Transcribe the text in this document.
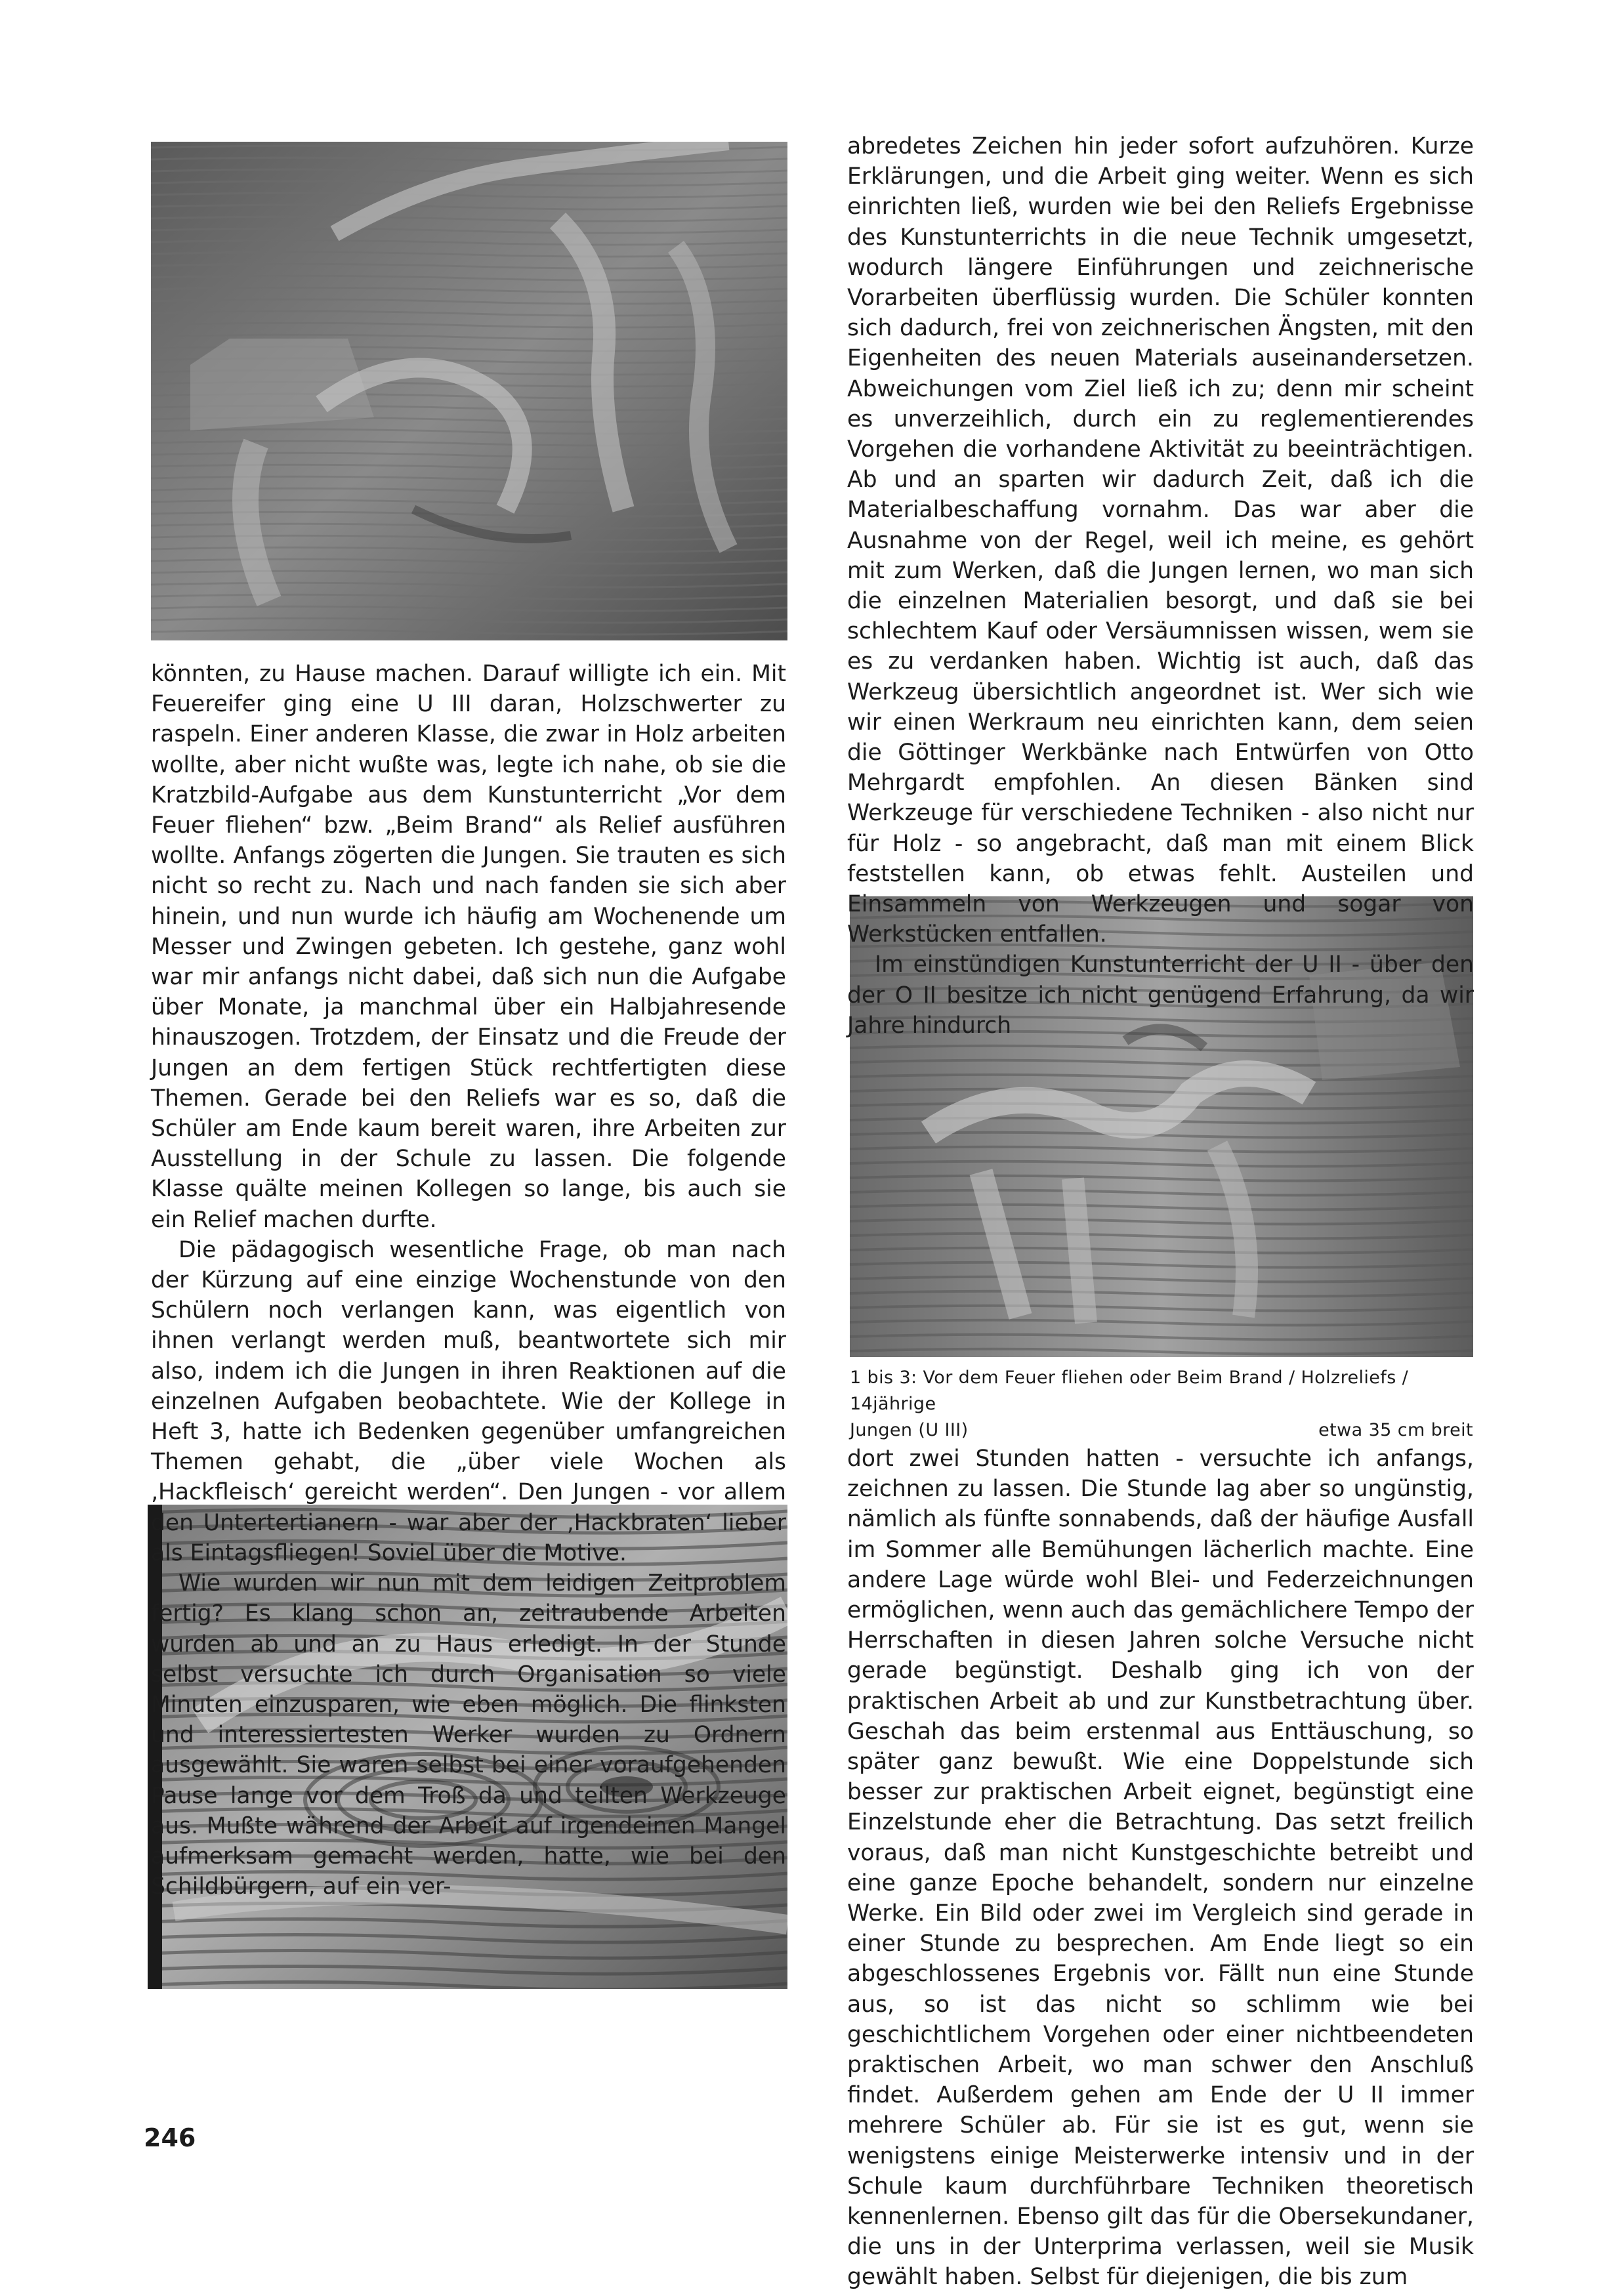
könnten, zu Hause machen. Darauf willigte ich ein. Mit Feuereifer ging eine U III daran, Holzschwerter zu raspeln. Einer anderen Klasse, die zwar in Holz arbeiten wollte, aber nicht wußte was, legte ich nahe, ob sie die Kratzbild-Aufgabe aus dem Kunstunterricht „Vor dem Feuer fliehen“ bzw. „Beim Brand“ als Relief ausführen wollte. Anfangs zögerten die Jungen. Sie trauten es sich nicht so recht zu. Nach und nach fanden sie sich aber hinein, und nun wurde ich häufig am Wochenende um Messer und Zwingen gebeten. Ich gestehe, ganz wohl war mir anfangs nicht dabei, daß sich nun die Aufgabe über Monate, ja manchmal über ein Halbjahresende hinauszogen. Trotzdem, der Einsatz und die Freude der Jungen an dem fertigen Stück rechtfertigten diese Themen. Gerade bei den Reliefs war es so, daß die Schüler am Ende kaum bereit waren, ihre Arbeiten zur Ausstellung in der Schule zu lassen. Die folgende Klasse quälte meinen Kollegen so lange, bis auch sie ein Relief machen durfte.

Die pädagogisch wesentliche Frage, ob man nach der Kürzung auf eine einzige Wochenstunde von den Schülern noch verlangen kann, was eigentlich von ihnen verlangt werden muß, beantwortete sich mir also, indem ich die Jungen in ihren Reaktionen auf die einzelnen Aufgaben beobachtete. Wie der Kollege in Heft 3, hatte ich Bedenken gegenüber umfangreichen Themen gehabt, die „über viele Wochen als ‚Hackfleisch‘ gereicht werden“. Den Jungen - vor allem den Untertertianern - war aber der ‚Hackbraten‘ lieber als Eintagsfliegen! Soviel über die Motive.

Wie wurden wir nun mit dem leidigen Zeitproblem fertig? Es klang schon an, zeitraubende Arbeiten wurden ab und an zu Haus erledigt. In der Stunde selbst versuchte ich durch Organisation so viele Minuten einzusparen, wie eben möglich. Die flinksten und interessiertesten Werker wurden zu Ordnern ausgewählt. Sie waren selbst bei einer voraufgehenden Pause lange vor dem Troß da und teilten Werkzeuge aus. Mußte während der Arbeit auf irgendeinen Mangel aufmerksam gemacht werden, hatte, wie bei den Schildbürgern, auf ein ver-

abredetes Zeichen hin jeder sofort aufzuhören. Kurze Erklärungen, und die Arbeit ging weiter. Wenn es sich einrichten ließ, wurden wie bei den Reliefs Ergebnisse des Kunstunterrichts in die neue Technik umgesetzt, wodurch längere Einführungen und zeichnerische Vorarbeiten überflüssig wurden. Die Schüler konnten sich dadurch, frei von zeichnerischen Ängsten, mit den Eigenheiten des neuen Materials auseinandersetzen. Abweichungen vom Ziel ließ ich zu; denn mir scheint es unverzeihlich, durch ein zu reglementierendes Vorgehen die vorhandene Aktivität zu beeinträchtigen. Ab und an sparten wir dadurch Zeit, daß ich die Materialbeschaffung vornahm. Das war aber die Ausnahme von der Regel, weil ich meine, es gehört mit zum Werken, daß die Jungen lernen, wo man sich die einzelnen Materialien besorgt, und daß sie bei schlechtem Kauf oder Versäumnissen wissen, wem sie es zu verdanken haben. Wichtig ist auch, daß das Werkzeug übersichtlich angeordnet ist. Wer sich wie wir einen Werkraum neu einrichten kann, dem seien die Göttinger Werkbänke nach Entwürfen von Otto Mehrgardt empfohlen. An diesen Bänken sind Werkzeuge für verschiedene Techniken - also nicht nur für Holz - so angebracht, daß man mit einem Blick feststellen kann, ob etwas fehlt. Austeilen und Einsammeln von Werkzeugen und sogar von Werkstücken entfallen.

Im einstündigen Kunstunterricht der U II - über den der O II besitze ich nicht genügend Erfahrung, da wir Jahre hindurch

1 bis 3: Vor dem Feuer fliehen oder Beim Brand / Holzreliefs / 14jährige
Jungen (U III)	etwa 35 cm breit

dort zwei Stunden hatten - versuchte ich anfangs, zeichnen zu lassen. Die Stunde lag aber so ungünstig, nämlich als fünfte sonnabends, daß der häufige Ausfall im Sommer alle Bemühungen lächerlich machte. Eine andere Lage würde wohl Blei- und Federzeichnungen ermöglichen, wenn auch das gemächlichere Tempo der Herrschaften in diesen Jahren solche Versuche nicht gerade begünstigt. Deshalb ging ich von der praktischen Arbeit ab und zur Kunstbetrachtung über. Geschah das beim erstenmal aus Enttäuschung, so später ganz bewußt. Wie eine Doppelstunde sich besser zur praktischen Arbeit eignet, begünstigt eine Einzelstunde eher die Betrachtung. Das setzt freilich voraus, daß man nicht Kunstgeschichte betreibt und eine ganze Epoche behandelt, sondern nur einzelne Werke. Ein Bild oder zwei im Vergleich sind gerade in einer Stunde zu besprechen. Am Ende liegt so ein abgeschlossenes Ergebnis vor. Fällt nun eine Stunde aus, so ist das nicht so schlimm wie bei geschichtlichem Vorgehen oder einer nichtbeendeten praktischen Arbeit, wo man schwer den Anschluß findet. Außerdem gehen am Ende der U II immer mehrere Schüler ab. Für sie ist es gut, wenn sie wenigstens einige Meisterwerke intensiv und in der Schule kaum durchführbare Techniken theoretisch kennenlernen. Ebenso gilt das für die Obersekundaner, die uns in der Unterprima verlassen, weil sie Musik gewählt haben. Selbst für diejenigen, die bis zum

246
